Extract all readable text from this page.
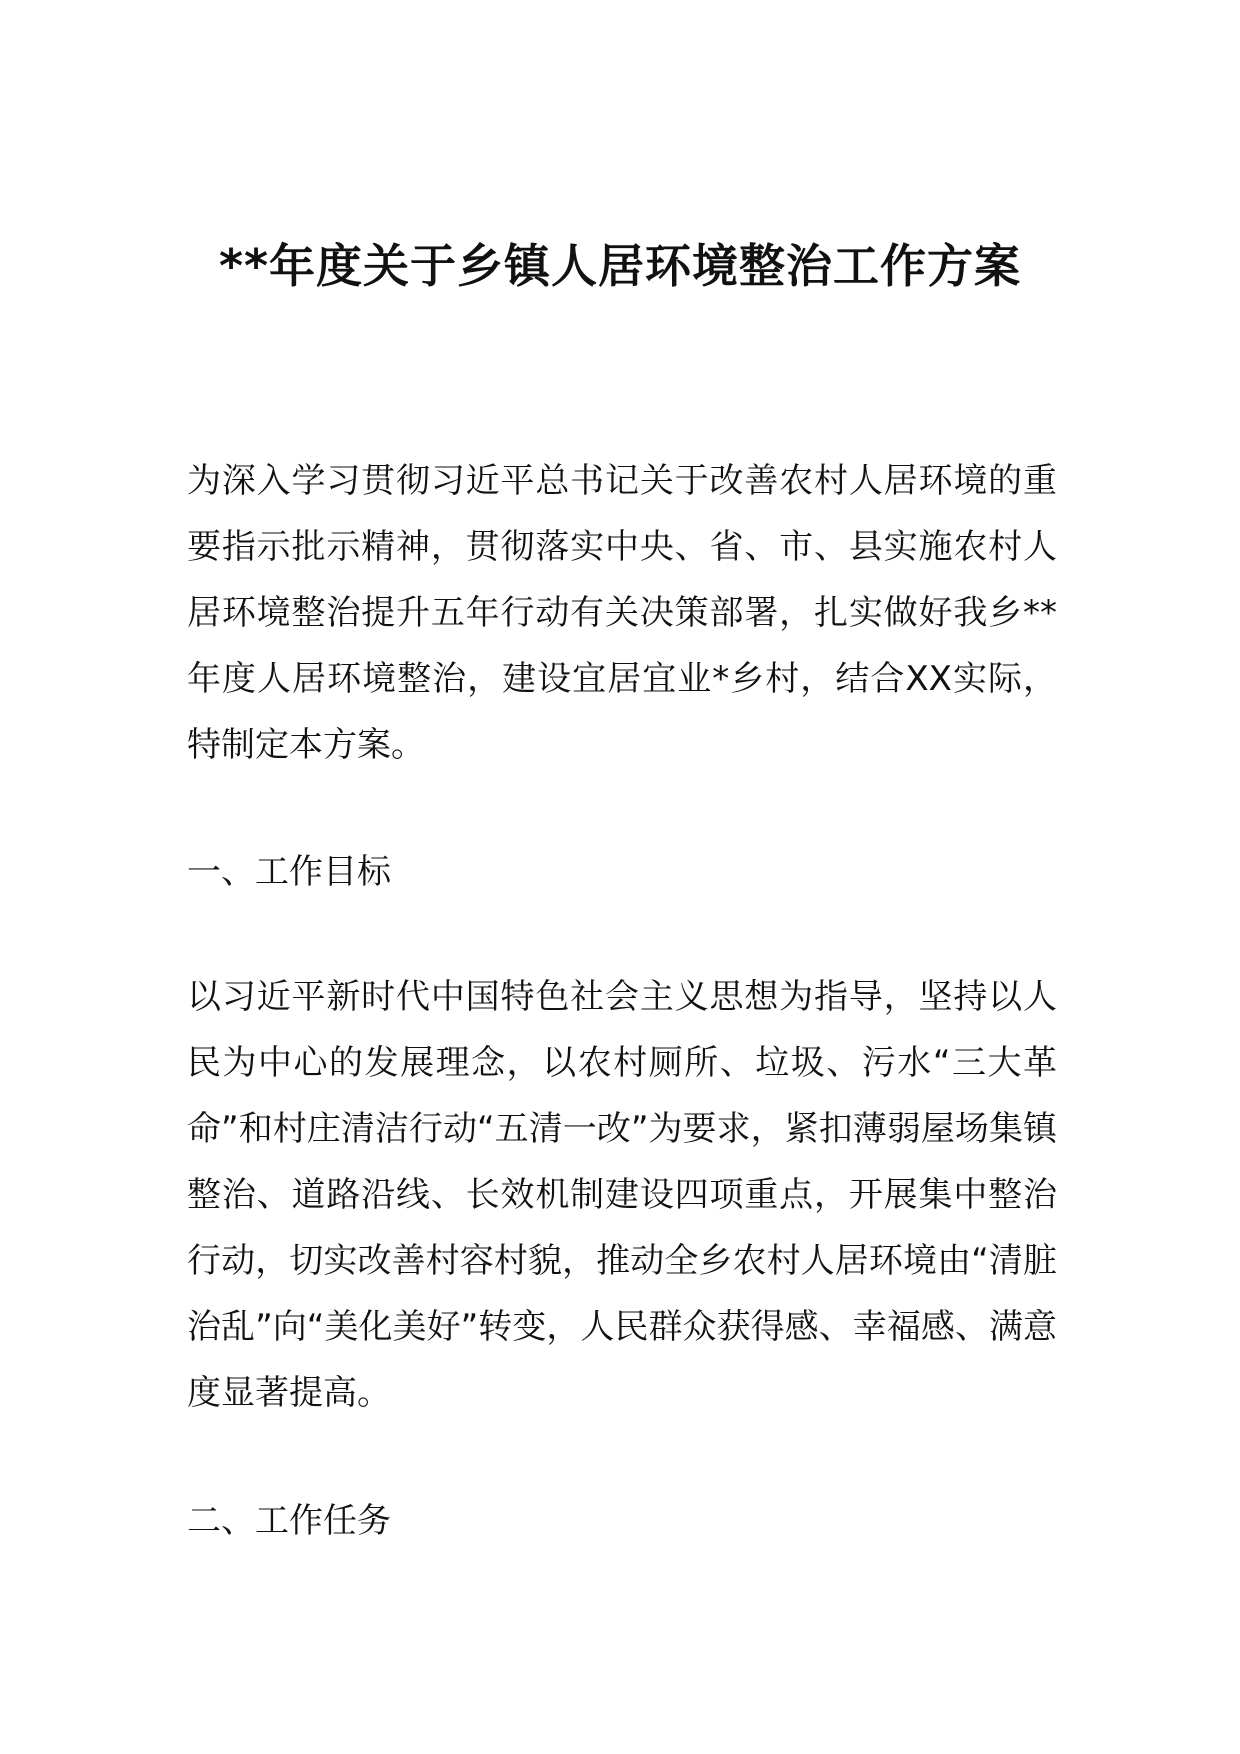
**年度关于乡镇人居环境整治工作方案

为深入学习贯彻习近平总书记关于改善农村人居环境的重要指示批示精神，贯彻落实中央、省、市、县实施农村人居环境整治提升五年行动有关决策部署，扎实做好我乡**年度人居环境整治，建设宜居宜业*乡村，结合XX实际，特制定本方案。

一、工作目标

以习近平新时代中国特色社会主义思想为指导，坚持以人民为中心的发展理念，以农村厕所、垃圾、污水“三大革命”和村庄清洁行动“五清一改”为要求，紧扣薄弱屋场集镇整治、道路沿线、长效机制建设四项重点，开展集中整治行动，切实改善村容村貌，推动全乡农村人居环境由“清脏治乱”向“美化美好”转变，人民群众获得感、幸福感、满意度显著提高。

二、工作任务
